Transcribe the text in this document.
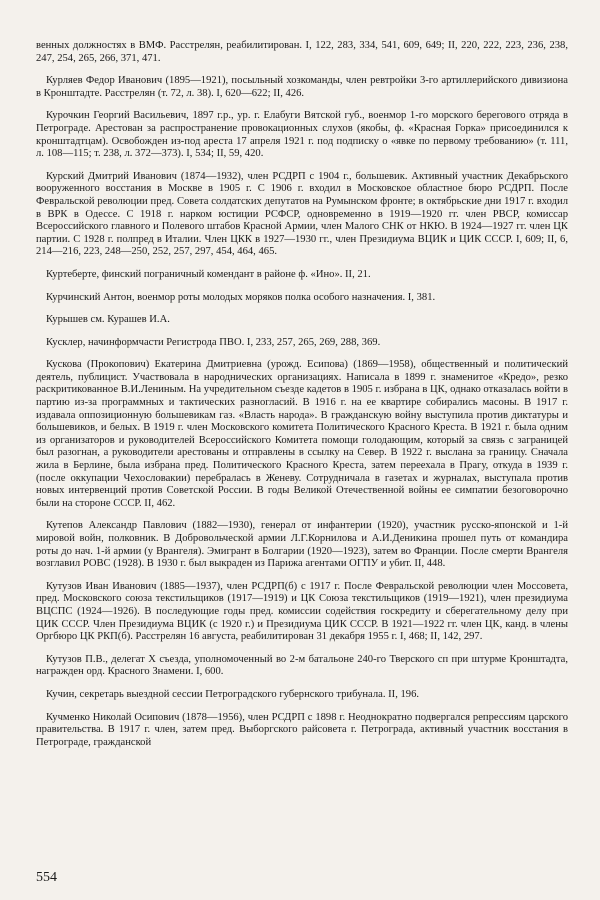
венных должностях в ВМФ. Расстрелян, реабилитирован. I, 122, 283, 334, 541, 609, 649; II, 220, 222, 223, 236, 238, 247, 254, 265, 266, 371, 471.

Курляев Федор Иванович (1895—1921), посыльный хозкоманды, член ревтройки 3-го артиллерийского дивизиона в Кронштадте. Расстрелян (т. 72, л. 38). I, 620—622; II, 426.

Курочкин Георгий Васильевич, 1897 г.р., ур. г. Елабуги Вятской губ., военмор 1-го морского берегового отряда в Петрограде. Арестован за распространение провокационных слухов (якобы, ф. «Красная Горка» присоединился к кронштадтцам). Освобожден из-под ареста 17 апреля 1921 г. под подписку о «явке по первому требованию» (т. 111, л. 108—115; т. 238, л. 372—373). I, 534; II, 59, 420.

Курский Дмитрий Иванович (1874—1932), член РСДРП с 1904 г., большевик. Активный участник Декабрьского вооруженного восстания в Москве в 1905 г. С 1906 г. входил в Московское областное бюро РСДРП. После Февральской революции пред. Совета солдатских депутатов на Румынском фронте; в октябрьские дни 1917 г. входил в ВРК в Одессе. С 1918 г. нарком юстиции РСФСР, одновременно в 1919—1920 гг. член РВСР, комиссар Всероссийского главного и Полевого штабов Красной Армии, член Малого СНК от НКЮ. В 1924—1927 гг. член ЦК партии. С 1928 г. полпред в Италии. Член ЦКК в 1927—1930 гг., член Президиума ВЦИК и ЦИК СССР. I, 609; II, 6, 214—216, 223, 248—250, 252, 257, 297, 454, 464, 465.

Куртеберте, финский пограничный комендант в районе ф. «Ино». II, 21.

Курчинский Антон, военмор роты молодых моряков полка особого назначения. I, 381.

Курышев см. Курашев И.А.

Кусклер, начинформчасти Регистрода ПВО. I, 233, 257, 265, 269, 288, 369.

Кускова (Прокопович) Екатерина Дмитриевна (урожд. Есипова) (1869—1958), общественный и политический деятель, публицист. Участвовала в народнических организациях. Написала в 1899 г. знаменитое «Кредо», резко раскритикованное В.И.Лениным. На учредительном съезде кадетов в 1905 г. избрана в ЦК, однако отказалась войти в партию из-за программных и тактических разногласий. В 1916 г. на ее квартире собирались масоны. В 1917 г. издавала оппозиционную большевикам газ. «Власть народа». В гражданскую войну выступила против диктатуры и большевиков, и белых. В 1919 г. член Московского комитета Политического Красного Креста. В 1921 г. была одним из организаторов и руководителей Всероссийского Комитета помощи голодающим, который за связь с заграницей был разогнан, а руководители арестованы и отправлены в ссылку на Север. В 1922 г. выслана за границу. Сначала жила в Берлине, была избрана пред. Политического Красного Креста, затем переехала в Прагу, откуда в 1939 г. (после оккупации Чехословакии) перебралась в Женеву. Сотрудничала в газетах и журналах, выступала против новых интервенций против Советской России. В годы Великой Отечественной войны ее симпатии безоговорочно были на стороне СССР. II, 462.

Кутепов Александр Павлович (1882—1930), генерал от инфантерии (1920), участник русско-японской и 1-й мировой войн, полковник. В Добровольческой армии Л.Г.Корнилова и А.И.Деникина прошел путь от командира роты до нач. 1-й армии (у Врангеля). Эмигрант в Болгарии (1920—1923), затем во Франции. После смерти Врангеля возглавил РОВС (1928). В 1930 г. был выкраден из Парижа агентами ОГПУ и убит. II, 448.

Кутузов Иван Иванович (1885—1937), член РСДРП(б) с 1917 г. После Февральской революции член Моссовета, пред. Московского союза текстильщиков (1917—1919) и ЦК Союза текстильщиков (1919—1921), член президиума ВЦСПС (1924—1926). В последующие годы пред. комиссии содействия госкредиту и сберегательному делу при ЦИК СССР. Член Президиума ВЦИК (с 1920 г.) и Президиума ЦИК СССР. В 1921—1922 гг. член ЦК, канд. в члены Оргбюро ЦК РКП(б). Расстрелян 16 августа, реабилитирован 31 декабря 1955 г. I, 468; II, 142, 297.

Кутузов П.В., делегат X съезда, уполномоченный во 2-м батальоне 240-го Тверского сп при штурме Кронштадта, награжден орд. Красного Знамени. I, 600.

Кучин, секретарь выездной сессии Петроградского губернского трибунала. II, 196.

Кучменко Николай Осипович (1878—1956), член РСДРП с 1898 г. Неоднократно подвергался репрессиям царского правительства. В 1917 г. член, затем пред. Выборгского райсовета г. Петрограда, активный участник восстания в Петрограде, гражданской

554
